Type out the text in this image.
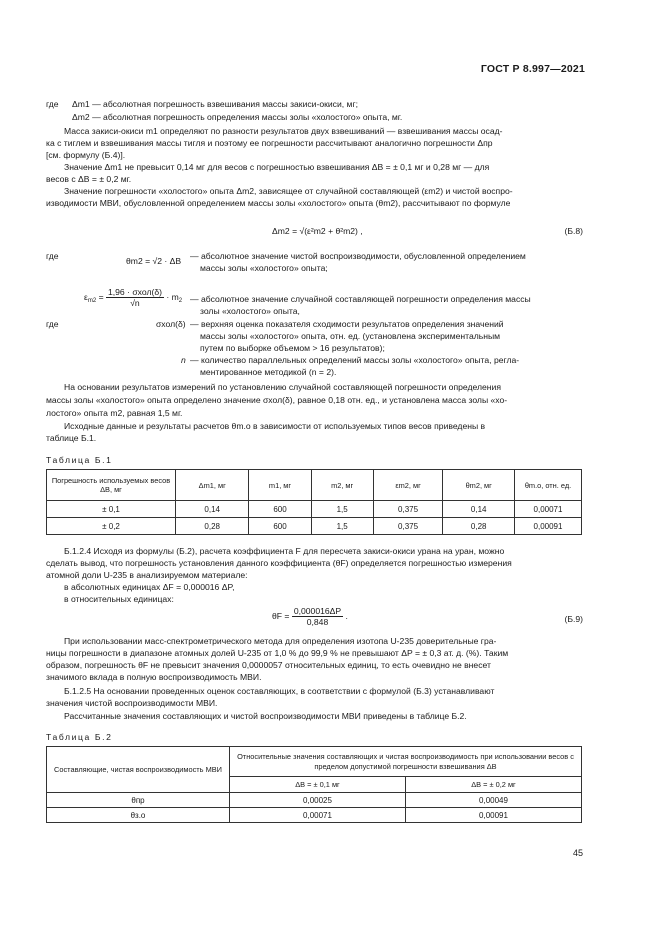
ГОСТ Р 8.997—2021
где Δm1 — абсолютная погрешность взвешивания массы закиси-окиси, мг;
Δm2 — абсолютная погрешность определения массы золы «холостого» опыта, мг.
Масса закиси-окиси m1 определяют по разности результатов двух взвешиваний — взвешивания массы осад-
ка с тиглем и взвешивания массы тигля и поэтому ее погрешности рассчитывают аналогично погрешности Δпр
[см. формулу (Б.4)].
Значение Δm1 не превысит 0,14 мг для весов с погрешностью взвешивания ΔВ = ± 0,1 мг и 0,28 мг — для
весов с ΔВ = ± 0,2 мг.
Значение погрешности «холостого» опыта Δm2, зависящее от случайной составляющей (εm2) и чистой воспро-
изводимости МВИ, обусловленной определением массы золы «холостого» опыта (θm2), рассчитывают по формуле
Δm2 = √(ε²m2 + θ²m2) ,	(Б.8)
где	θm2 = √2 · ΔВ — абсолютное значение чистой воспроизводимости, обусловленной определением
массы золы «холостого» опыта;
$\varepsilon_{m2} = \frac{\text{1,96 · σхол(δ)}}{√n} \cdot m_2$ — абсолютное значение случайной составляющей погрешности определения массы
золы «холостого» опыта,
где	σхол(δ) — верхняя оценка показателя сходимости результатов определения значений
массы золы «холостого» опыта, отн. ед. (установлена экспериментальным
путем по выборке объемом > 16 результатов);
n — количество параллельных определений массы золы «холостого» опыта, регла-
ментированное методикой (n = 2).
На основании результатов измерений по установлению случайной составляющей погрешности определения
массы золы «холостого» опыта определено значение σхол(δ), равное 0,18 отн. ед., и установлена масса золы «хо-
лостого» опыта m2, равная 1,5 мг.
Исходные данные и результаты расчетов θm.o в зависимости от используемых типов весов приведены в
таблице Б.1.
Таблица Б.1
Погрешность используемых весов ΔВ, мг	Δm1, мг	m1, мг	m2, мг	εm2, мг	θm2, мг	θm.o, отн. ед.
± 0,1	0,14	600	1,5	0,375	0,14	0,00071
± 0,2	0,28	600	1,5	0,375	0,28	0,00091
Б.1.2.4 Исходя из формулы (Б.2), расчета коэффициента F для пересчета закиси-окиси урана на уран, можно
сделать вывод, что погрешность установления данного коэффициента (θF) определяется погрешностью измерения
атомной доли U-235 в анализируемом материале:
в абсолютных единицах ΔF = 0,000016 ΔP,
в относительных единицах:
$\theta F = \frac{0,000016\Delta P}{0,848}$ .	(Б.9)
При использовании масс-спектрометрического метода для определения изотопа U-235 доверительные гра-
ницы погрешности в диапазоне атомных долей U-235 от 1,0 % до 99,9 % не превышают ΔP = ± 0,3 ат. д. (%). Таким
образом, погрешность θF не превысит значения 0,0000057 относительных единиц, то есть очевидно не внесет
значимого вклада в полную воспроизводимость МВИ.
Б.1.2.5 На основании проведенных оценок составляющих, в соответствии с формулой (Б.3) устанавливают
значения чистой воспроизводимости МВИ.
Рассчитанные значения составляющих и чистой воспроизводимости МВИ приведены в таблице Б.2.
Таблица Б.2
Составляющие, чистая воспроизводимость МВИ	Относительные значения составляющих и чистая воспроизводимость при использовании весов с пределом допустимой погрешности взвешивания ΔВ	
	ΔВ = ± 0,1 мг	ΔВ = ± 0,2 мг
θпр	0,00025	0,00049
θз.о	0,00071	0,00091
45
